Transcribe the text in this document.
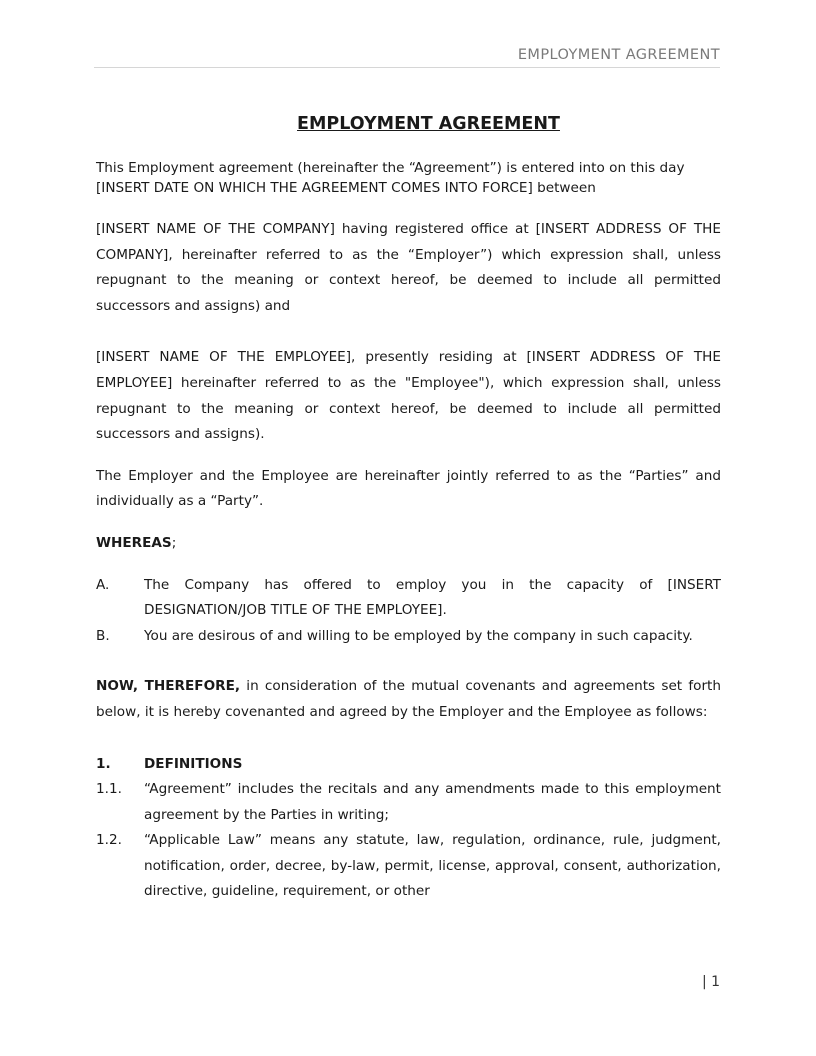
EMPLOYMENT AGREEMENT
EMPLOYMENT AGREEMENT

This Employment agreement (hereinafter the “Agreement”) is entered into on this day [INSERT DATE ON WHICH THE AGREEMENT COMES INTO FORCE] between

[INSERT NAME OF THE COMPANY] having registered office at [INSERT ADDRESS OF THE COMPANY], hereinafter referred to as the “Employer”) which expression shall, unless repugnant to the meaning or context hereof, be deemed to include all permitted successors and assigns) and

[INSERT NAME OF THE EMPLOYEE], presently residing at [INSERT ADDRESS OF THE EMPLOYEE] hereinafter referred to as the "Employee"), which expression shall, unless repugnant to the meaning or context hereof, be deemed to include all permitted successors and assigns).

The Employer and the Employee are hereinafter jointly referred to as the “Parties” and individually as a “Party”.

WHEREAS;

A.	The Company has offered to employ you in the capacity of [INSERT DESIGNATION/JOB TITLE OF THE EMPLOYEE].
B.	You are desirous of and willing to be employed by the company in such capacity.

NOW, THEREFORE, in consideration of the mutual covenants and agreements set forth below, it is hereby covenanted and agreed by the Employer and the Employee as follows:

1.	DEFINITIONS
1.1.	“Agreement” includes the recitals and any amendments made to this employment agreement by the Parties in writing;
1.2.	“Applicable Law” means any statute, law, regulation, ordinance, rule, judgment, notification, order, decree, by-law, permit, license, approval, consent, authorization, directive, guideline, requirement, or other
| 1
